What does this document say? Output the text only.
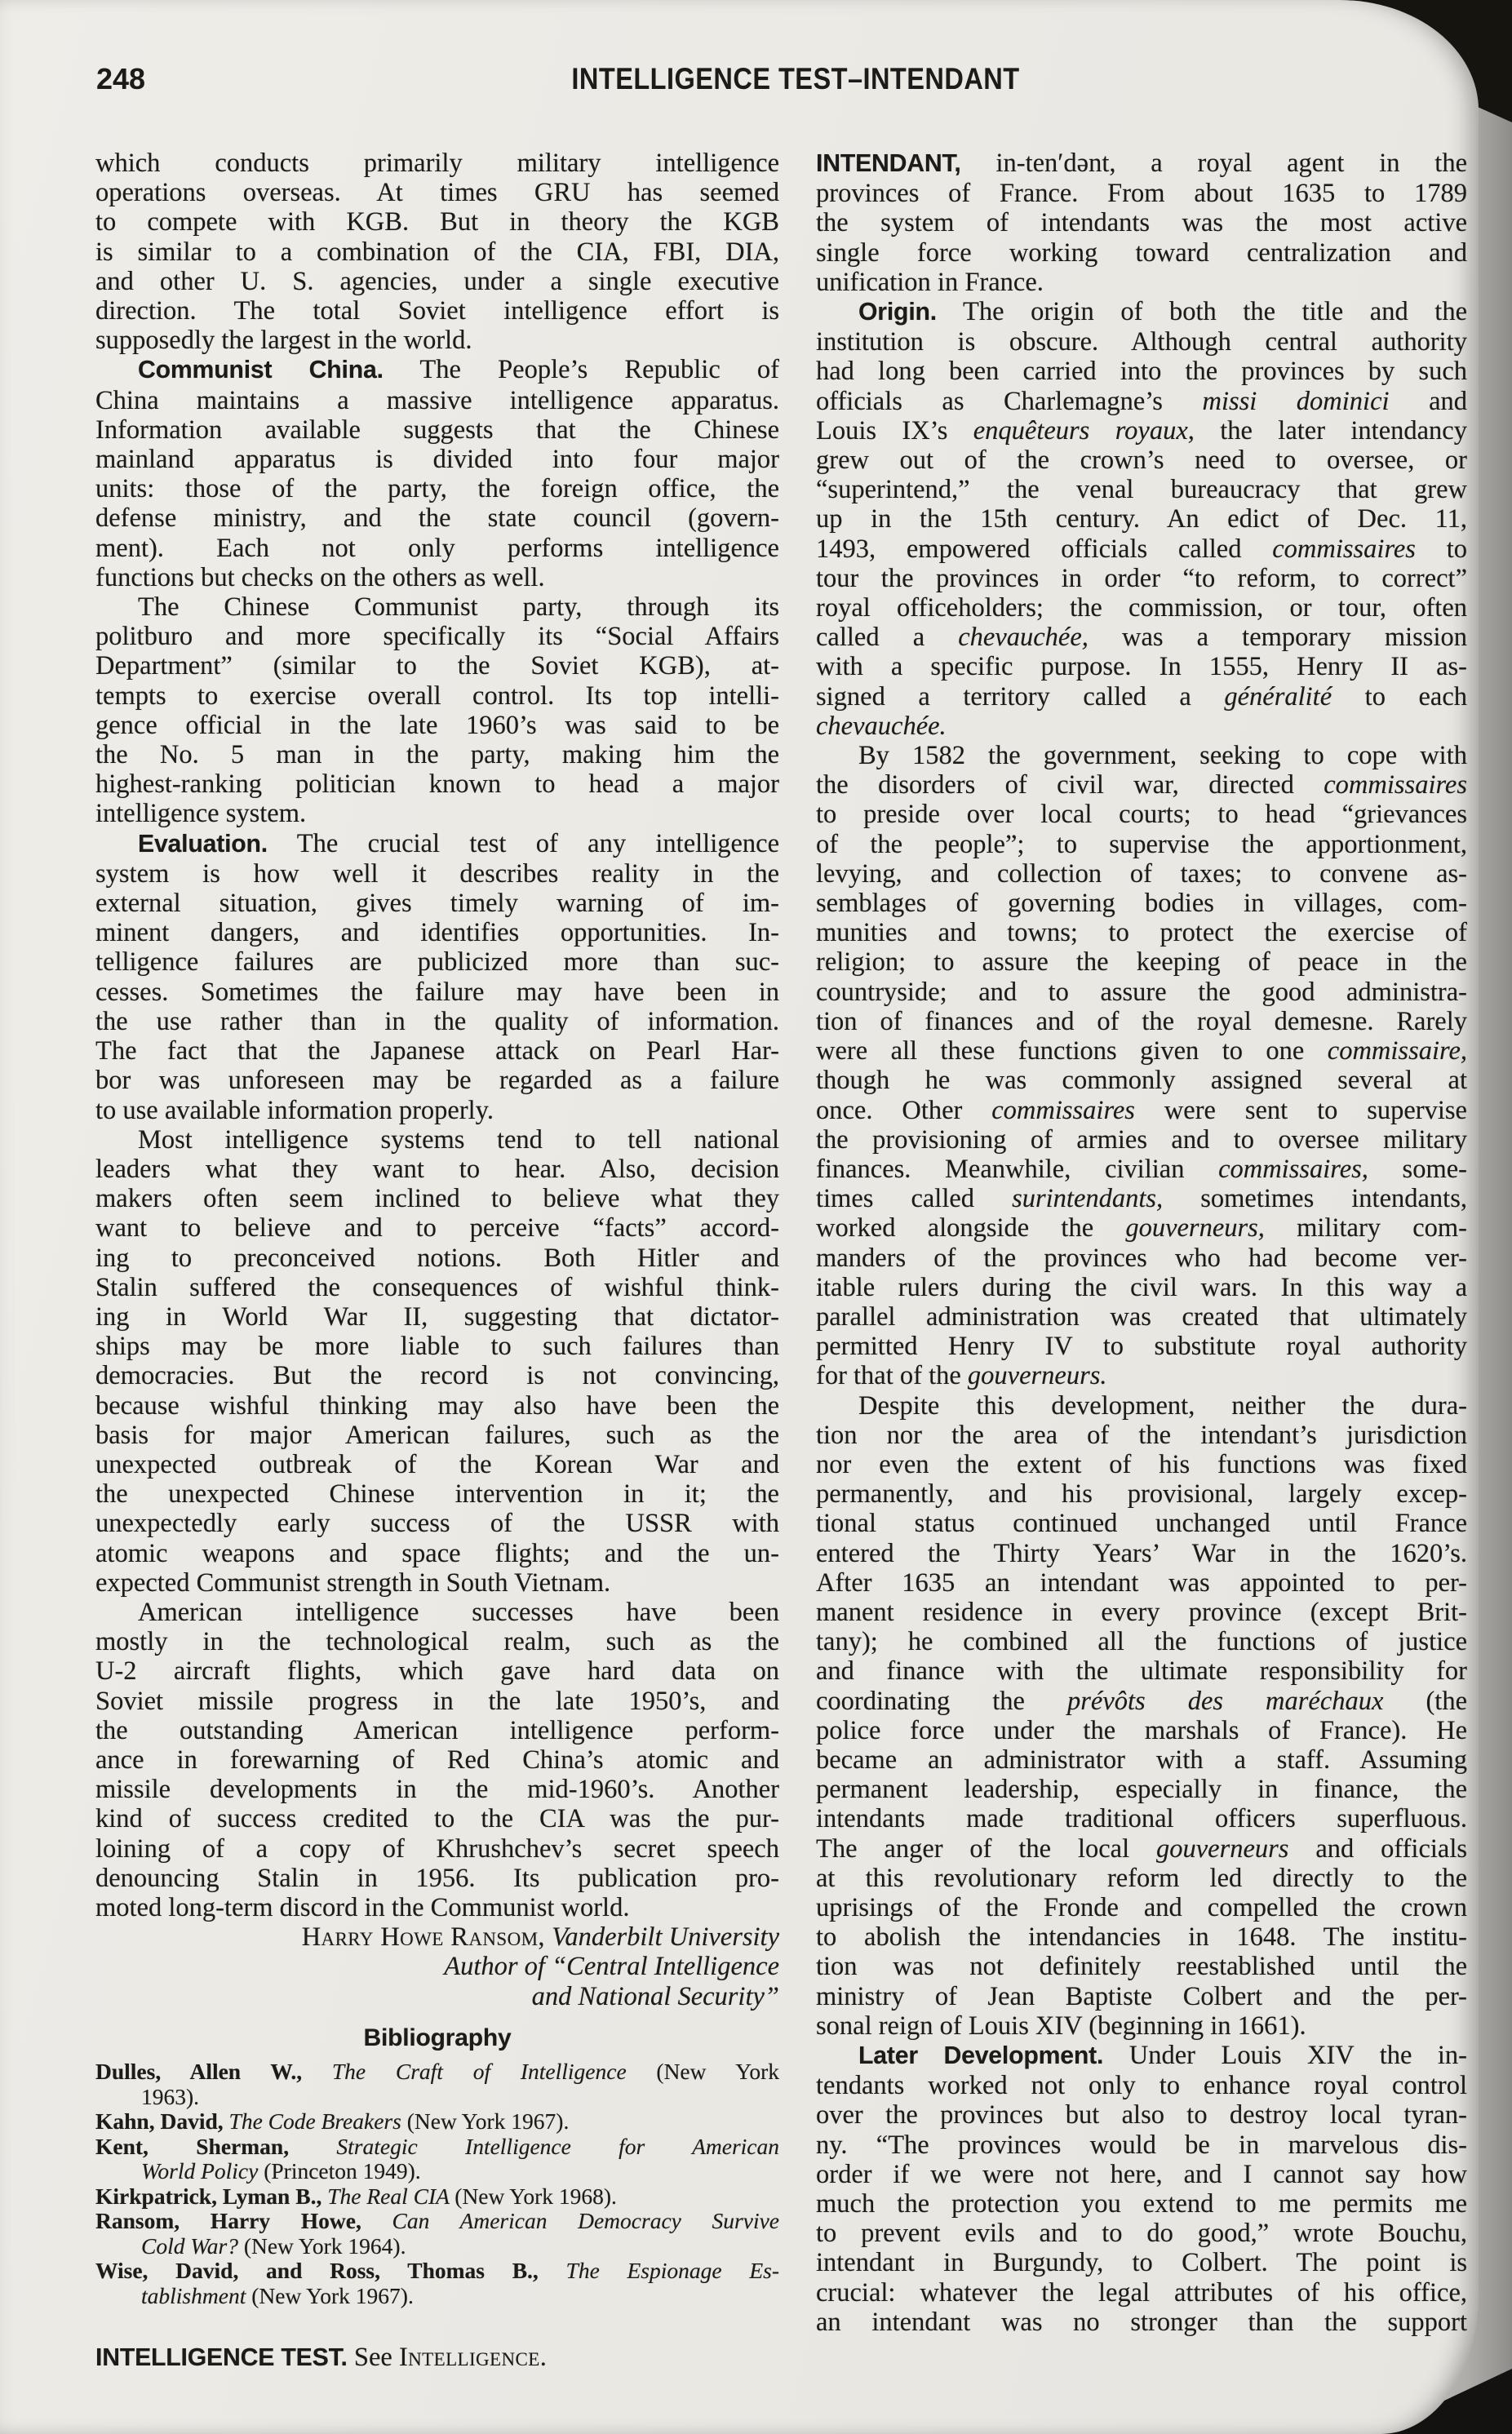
248	INTELLIGENCE TEST–INTENDANT
which conducts primarily military intelligence
operations overseas. At times GRU has seemed
to compete with KGB. But in theory the KGB
is similar to a combination of the CIA, FBI, DIA,
and other U. S. agencies, under a single executive
direction. The total Soviet intelligence effort is
supposedly the largest in the world.
Communist China. The People’s Republic of
China maintains a massive intelligence apparatus.
Information available suggests that the Chinese
mainland apparatus is divided into four major
units: those of the party, the foreign office, the
defense ministry, and the state council (govern-
ment). Each not only performs intelligence
functions but checks on the others as well.
The Chinese Communist party, through its
politburo and more specifically its “Social Affairs
Department” (similar to the Soviet KGB), at-
tempts to exercise overall control. Its top intelli-
gence official in the late 1960’s was said to be
the No. 5 man in the party, making him the
highest-ranking politician known to head a major
intelligence system.
Evaluation. The crucial test of any intelligence
system is how well it describes reality in the
external situation, gives timely warning of im-
minent dangers, and identifies opportunities. In-
telligence failures are publicized more than suc-
cesses. Sometimes the failure may have been in
the use rather than in the quality of information.
The fact that the Japanese attack on Pearl Har-
bor was unforeseen may be regarded as a failure
to use available information properly.
Most intelligence systems tend to tell national
leaders what they want to hear. Also, decision
makers often seem inclined to believe what they
want to believe and to perceive “facts” accord-
ing to preconceived notions. Both Hitler and
Stalin suffered the consequences of wishful think-
ing in World War II, suggesting that dictator-
ships may be more liable to such failures than
democracies. But the record is not convincing,
because wishful thinking may also have been the
basis for major American failures, such as the
unexpected outbreak of the Korean War and
the unexpected Chinese intervention in it; the
unexpectedly early success of the USSR with
atomic weapons and space flights; and the un-
expected Communist strength in South Vietnam.
American intelligence successes have been
mostly in the technological realm, such as the
U-2 aircraft flights, which gave hard data on
Soviet missile progress in the late 1950’s, and
the outstanding American intelligence perform-
ance in forewarning of Red China’s atomic and
missile developments in the mid-1960’s. Another
kind of success credited to the CIA was the pur-
loining of a copy of Khrushchev’s secret speech
denouncing Stalin in 1956. Its publication pro-
moted long-term discord in the Communist world.
Harry Howe Ransom, Vanderbilt University
Author of “Central Intelligence
and National Security”
Bibliography
Dulles, Allen W., The Craft of Intelligence (New York
1963).
Kahn, David, The Code Breakers (New York 1967).
Kent, Sherman, Strategic Intelligence for American
World Policy (Princeton 1949).
Kirkpatrick, Lyman B., The Real CIA (New York 1968).
Ransom, Harry Howe, Can American Democracy Survive
Cold War? (New York 1964).
Wise, David, and Ross, Thomas B., The Espionage Es-
tablishment (New York 1967).
INTELLIGENCE TEST. See Intelligence.
INTENDANT, in-ten′dənt, a royal agent in the
provinces of France. From about 1635 to 1789
the system of intendants was the most active
single force working toward centralization and
unification in France.
Origin. The origin of both the title and the
institution is obscure. Although central authority
had long been carried into the provinces by such
officials as Charlemagne’s missi dominici and
Louis IX’s enquêteurs royaux, the later intendancy
grew out of the crown’s need to oversee, or
“superintend,” the venal bureaucracy that grew
up in the 15th century. An edict of Dec. 11,
1493, empowered officials called commissaires to
tour the provinces in order “to reform, to correct”
royal officeholders; the commission, or tour, often
called a chevauchée, was a temporary mission
with a specific purpose. In 1555, Henry II as-
signed a territory called a généralité to each
chevauchée.
By 1582 the government, seeking to cope with
the disorders of civil war, directed commissaires
to preside over local courts; to head “grievances
of the people”; to supervise the apportionment,
levying, and collection of taxes; to convene as-
semblages of governing bodies in villages, com-
munities and towns; to protect the exercise of
religion; to assure the keeping of peace in the
countryside; and to assure the good administra-
tion of finances and of the royal demesne. Rarely
were all these functions given to one commissaire,
though he was commonly assigned several at
once. Other commissaires were sent to supervise
the provisioning of armies and to oversee military
finances. Meanwhile, civilian commissaires, some-
times called surintendants, sometimes intendants,
worked alongside the gouverneurs, military com-
manders of the provinces who had become ver-
itable rulers during the civil wars. In this way a
parallel administration was created that ultimately
permitted Henry IV to substitute royal authority
for that of the gouverneurs.
Despite this development, neither the dura-
tion nor the area of the intendant’s jurisdiction
nor even the extent of his functions was fixed
permanently, and his provisional, largely excep-
tional status continued unchanged until France
entered the Thirty Years’ War in the 1620’s.
After 1635 an intendant was appointed to per-
manent residence in every province (except Brit-
tany); he combined all the functions of justice
and finance with the ultimate responsibility for
coordinating the prévôts des maréchaux (the
police force under the marshals of France). He
became an administrator with a staff. Assuming
permanent leadership, especially in finance, the
intendants made traditional officers superfluous.
The anger of the local gouverneurs and officials
at this revolutionary reform led directly to the
uprisings of the Fronde and compelled the crown
to abolish the intendancies in 1648. The institu-
tion was not definitely reestablished until the
ministry of Jean Baptiste Colbert and the per-
sonal reign of Louis XIV (beginning in 1661).
Later Development. Under Louis XIV the in-
tendants worked not only to enhance royal control
over the provinces but also to destroy local tyran-
ny. “The provinces would be in marvelous dis-
order if we were not here, and I cannot say how
much the protection you extend to me permits me
to prevent evils and to do good,” wrote Bouchu,
intendant in Burgundy, to Colbert. The point is
crucial: whatever the legal attributes of his office,
an intendant was no stronger than the support
